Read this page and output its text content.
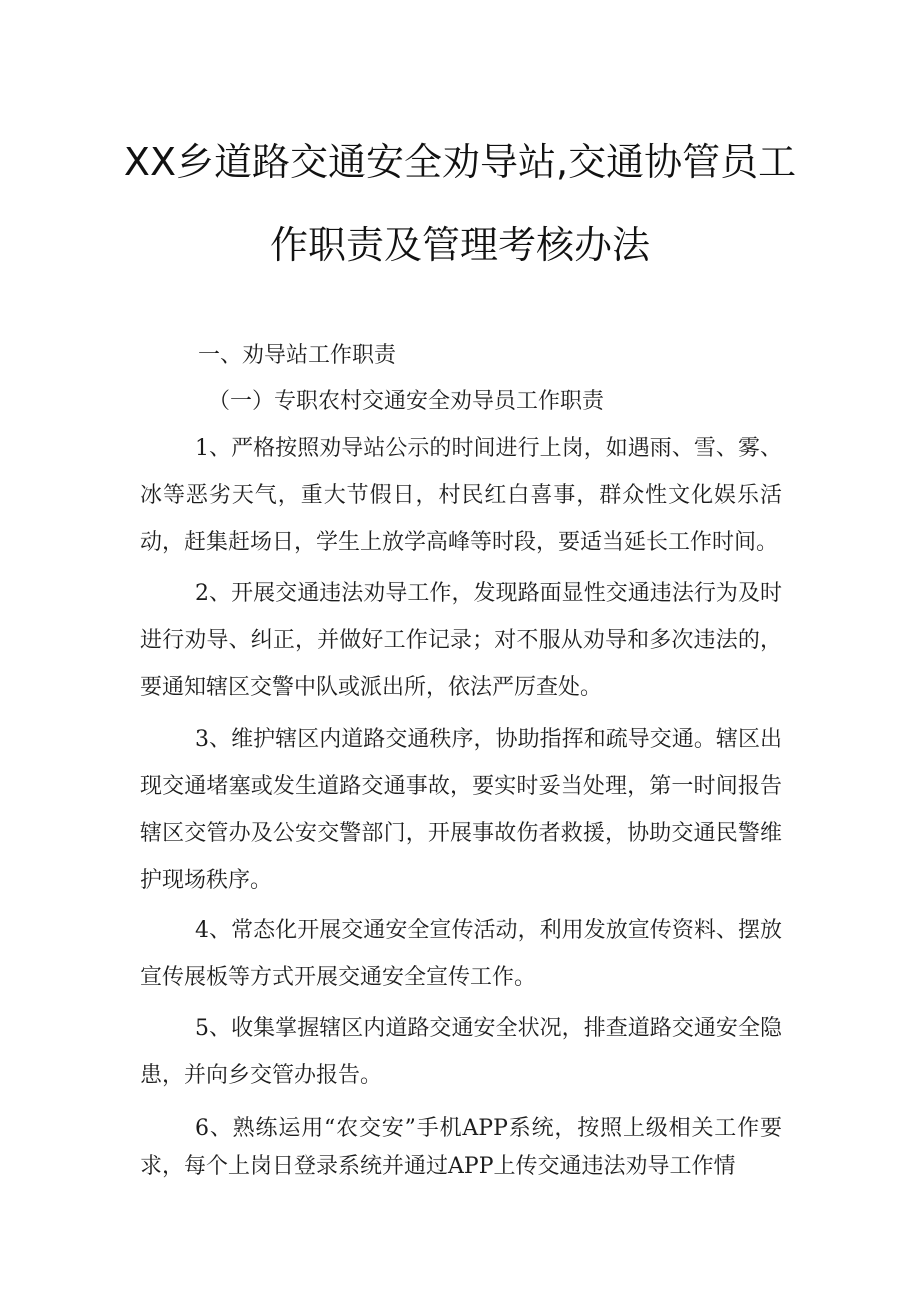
XX乡道路交通安全劝导站,交通协管员工
作职责及管理考核办法
一、劝导站工作职责
（一）专职农村交通安全劝导员工作职责

1、严格按照劝导站公示的时间进行上岗，如遇雨、雪、雾、冰等恶劣天气，重大节假日，村民红白喜事，群众性文化娱乐活动，赶集赶场日，学生上放学高峰等时段，要适当延长工作时间。

2、开展交通违法劝导工作，发现路面显性交通违法行为及时进行劝导、纠正，并做好工作记录；对不服从劝导和多次违法的，要通知辖区交警中队或派出所，依法严厉查处。

3、维护辖区内道路交通秩序，协助指挥和疏导交通。辖区出现交通堵塞或发生道路交通事故，要实时妥当处理，第一时间报告辖区交管办及公安交警部门，开展事故伤者救援，协助交通民警维护现场秩序。

4、常态化开展交通安全宣传活动，利用发放宣传资料、摆放宣传展板等方式开展交通安全宣传工作。

5、收集掌握辖区内道路交通安全状况，排查道路交通安全隐患，并向乡交管办报告。

6、熟练运用“农交安”手机APP系统，按照上级相关工作要求，每个上岗日登录系统并通过APP上传交通违法劝导工作情
